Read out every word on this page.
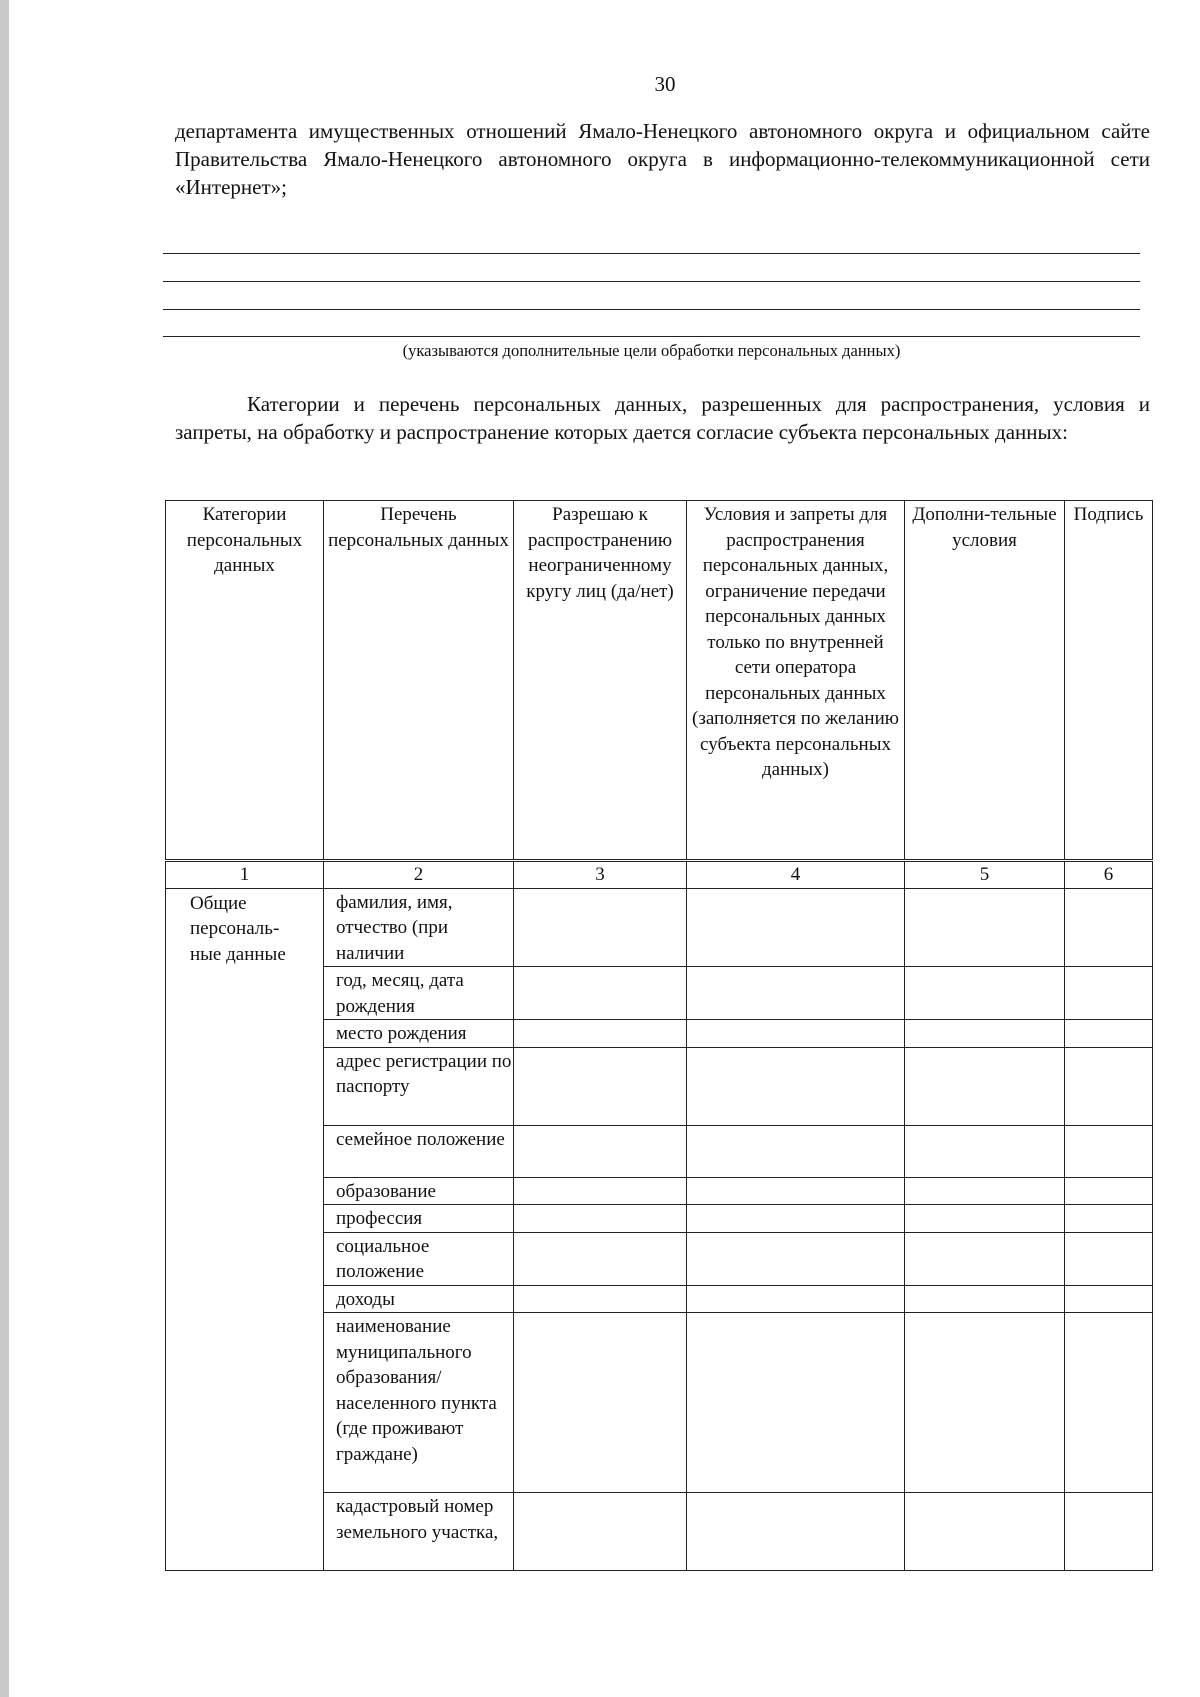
30

департамента имущественных отношений Ямало-Ненецкого автономного округа и официальном сайте Правительства Ямало-Ненецкого автономного округа в информационно-телекоммуникационной сети «Интернет»;

(указываются дополнительные цели обработки персональных данных)

Категории и перечень персональных данных, разрешенных для распространения, условия и запреты, на обработку и распространение которых дается согласие субъекта персональных данных:

Категории персональных данных	Перечень персональных данных	Разрешаю к распространению неограниченному кругу лиц (да/нет)	Условия и запреты для распространения персональных данных, ограничение передачи персональных данных только по внутренней сети оператора персональных данных (заполняется по желанию субъекта персональных данных)	Дополни-тельные условия	Подпись
1	2	3	4	5	6

Общие персональ-ные данные	фамилия, имя, отчество (при наличии				
	год, месяц, дата рождения				
	место рождения				
	адрес регистрации по паспорту				
	семейное положение				
	образование				
	профессия				
	социальное положение				
	доходы				
	наименование муниципального образования/ населенного пункта (где проживают граждане)				
	кадастровый номер земельного участка,				
